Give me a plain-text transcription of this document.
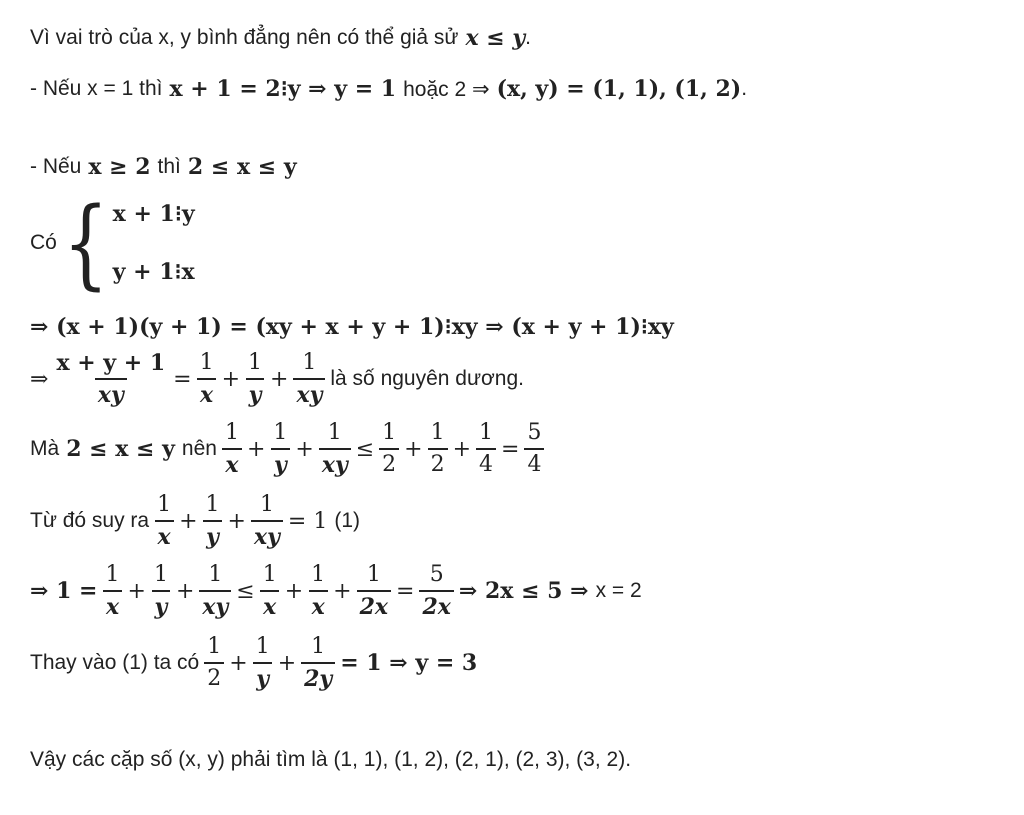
Vì vai trò của x, y bình đẳng nên có thể giả sử x ≤ y .
- Nếu x = 1 thì x + 1 = 2⁝y ⇒ y = 1 hoặc 2 ⇒ (x, y) = (1, 1), (1, 2) .
- Nếu x ≥ 2 thì 2 ≤ x ≤ y
Có { x + 1⁝y
y + 1⁝x
⇒ (x + 1)(y + 1) = (xy + x + y + 1)⁝xy ⇒ (x + y + 1)⁝xy
⇒ $\frac{x + y + 1}{xy} = \frac{1}{x} + \frac{1}{y} + \frac{1}{xy}$ là số nguyên dương.
Mà 2 ≤ x ≤ y nên
1
x
+ $\frac{1}{y} + \frac{1}{xy} \le \frac{1}{2} + \frac{1}{2} + \frac{1}{4} = \frac{5}{4}$
Từ đó suy ra
1
x
+ $\frac{1}{y} + \frac{1}{xy} = 1$ (1)
⇒ $1 = \frac{1}{x} + \frac{1}{y} + \frac{1}{xy} \le \frac{1}{x} + \frac{1}{x} + \frac{1}{2x} = \frac{5}{2x}$ ⇒ 2x ≤ 5 ⇒ x = 2
Thay vào (1) ta có
1
2
+ $\frac{1}{y} + \frac{1}{2y} = 1$ ⇒ y = 3
Vậy các cặp số (x, y) phải tìm là (1, 1), (1, 2), (2, 1), (2, 3), (3, 2).
